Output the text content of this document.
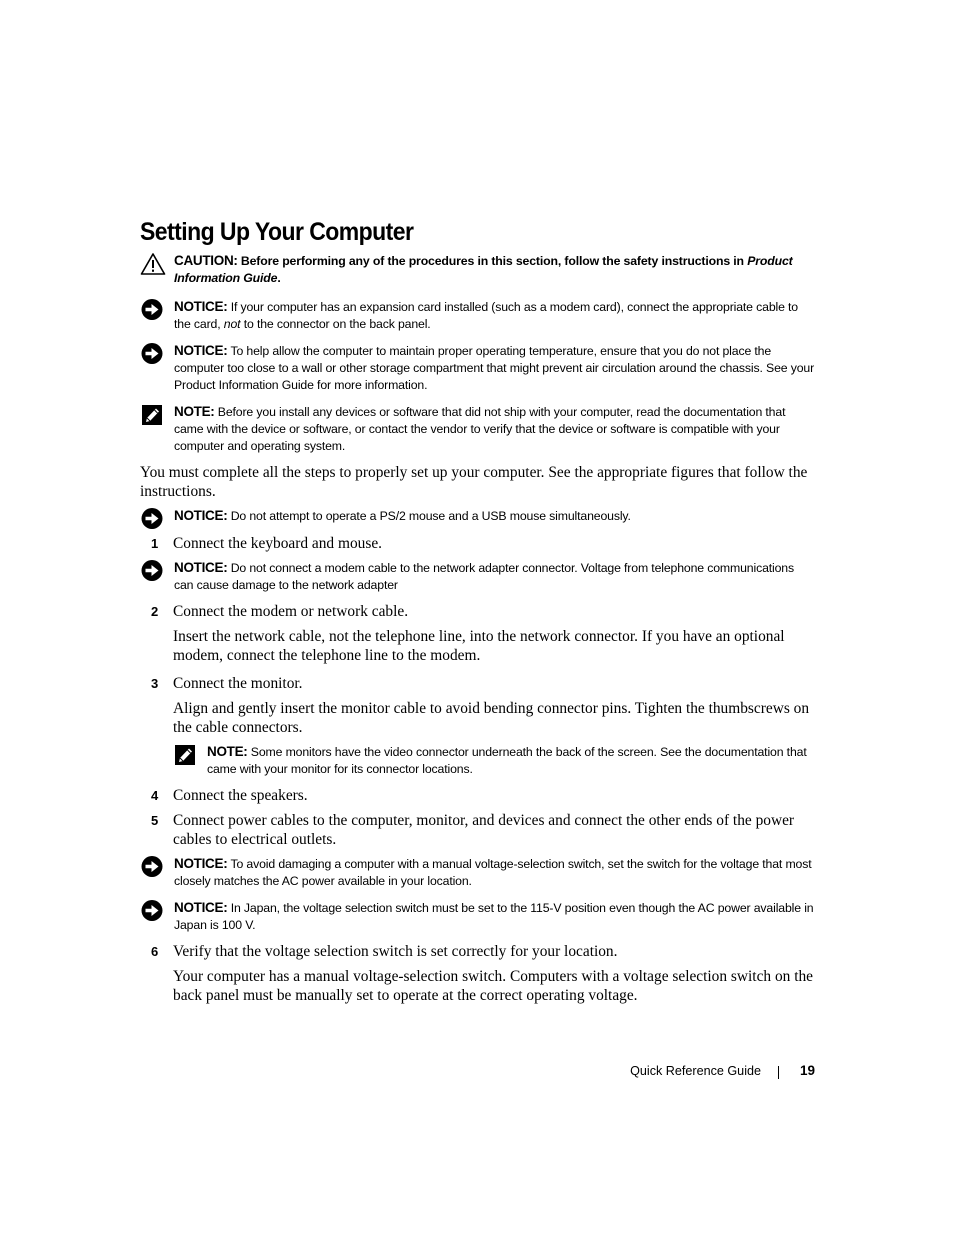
Setting Up Your Computer
CAUTION: Before performing any of the procedures in this section, follow the safety instructions in Product Information Guide.
NOTICE: If your computer has an expansion card installed (such as a modem card), connect the appropriate cable to the card, not to the connector on the back panel.
NOTICE: To help allow the computer to maintain proper operating temperature, ensure that you do not place the computer too close to a wall or other storage compartment that might prevent air circulation around the chassis. See your Product Information Guide for more information.
NOTE: Before you install any devices or software that did not ship with your computer, read the documentation that came with the device or software, or contact the vendor to verify that the device or software is compatible with your computer and operating system.

You must complete all the steps to properly set up your computer. See the appropriate figures that follow the instructions.

NOTICE: Do not attempt to operate a PS/2 mouse and a USB mouse simultaneously.
1 Connect the keyboard and mouse.

NOTICE: Do not connect a modem cable to the network adapter connector. Voltage from telephone communications can cause damage to the network adapter
2 Connect the modem or network cable.

Insert the network cable, not the telephone line, into the network connector. If you have an optional modem, connect the telephone line to the modem.

3 Connect the monitor.

Align and gently insert the monitor cable to avoid bending connector pins. Tighten the thumbscrews on the cable connectors.

NOTE: Some monitors have the video connector underneath the back of the screen. See the documentation that came with your monitor for its connector locations.
4 Connect the speakers.

5 Connect power cables to the computer, monitor, and devices and connect the other ends of the power cables to electrical outlets.

NOTICE: To avoid damaging a computer with a manual voltage-selection switch, set the switch for the voltage that most closely matches the AC power available in your location.
NOTICE: In Japan, the voltage selection switch must be set to the 115-V position even though the AC power available in Japan is 100 V.
6 Verify that the voltage selection switch is set correctly for your location.

Your computer has a manual voltage-selection switch. Computers with a voltage selection switch on the back panel must be manually set to operate at the correct operating voltage.

Quick Reference Guide	19
